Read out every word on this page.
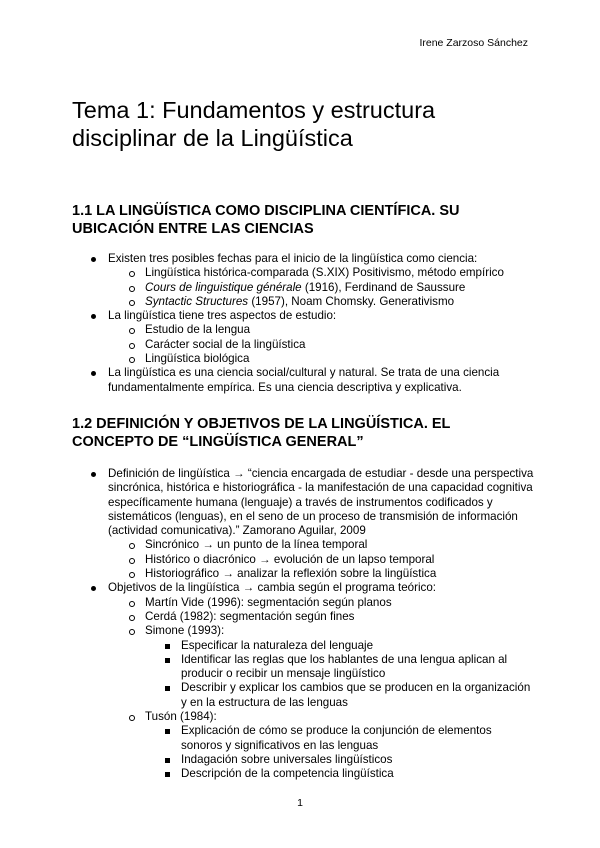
Irene Zarzoso Sánchez
Tema 1: Fundamentos y estructura
disciplinar de la Lingüística
1.1 LA LINGÜÍSTICA COMO DISCIPLINA CIENTÍFICA. SU UBICACIÓN ENTRE LAS CIENCIAS
Existen tres posibles fechas para el inicio de la lingüística como ciencia:
Lingüística histórica-comparada (S.XIX) Positivismo, método empírico
Cours de linguistique générale (1916), Ferdinand de Saussure
Syntactic Structures (1957), Noam Chomsky. Generativismo
La lingüística tiene tres aspectos de estudio:
Estudio de la lengua
Carácter social de la lingüística
Lingüística biológica
La lingüística es una ciencia social/cultural y natural. Se trata de una ciencia fundamentalmente empírica. Es una ciencia descriptiva y explicativa.
1.2 DEFINICIÓN Y OBJETIVOS DE LA LINGÜÍSTICA. EL CONCEPTO DE “LINGÜÍSTICA GENERAL”
Definición de lingüística → “ciencia encargada de estudiar - desde una perspectiva sincrónica, histórica e historiográfica - la manifestación de una capacidad cognitiva específicamente humana (lenguaje) a través de instrumentos codificados y sistemáticos (lenguas), en el seno de un proceso de transmisión de información (actividad comunicativa).” Zamorano Aguilar, 2009
Sincrónico → un punto de la línea temporal
Histórico o diacrónico → evolución de un lapso temporal
Historiográfico → analizar la reflexión sobre la lingüística
Objetivos de la lingüística → cambia según el programa teórico:
Martín Vide (1996): segmentación según planos
Cerdá (1982): segmentación según fines
Simone (1993):
Especificar la naturaleza del lenguaje
Identificar las reglas que los hablantes de una lengua aplican al producir o recibir un mensaje lingüístico
Describir y explicar los cambios que se producen en la organización y en la estructura de las lenguas
Tusón (1984):
Explicación de cómo se produce la conjunción de elementos sonoros y significativos en las lenguas
Indagación sobre universales lingüísticos
Descripción de la competencia lingüística
1
